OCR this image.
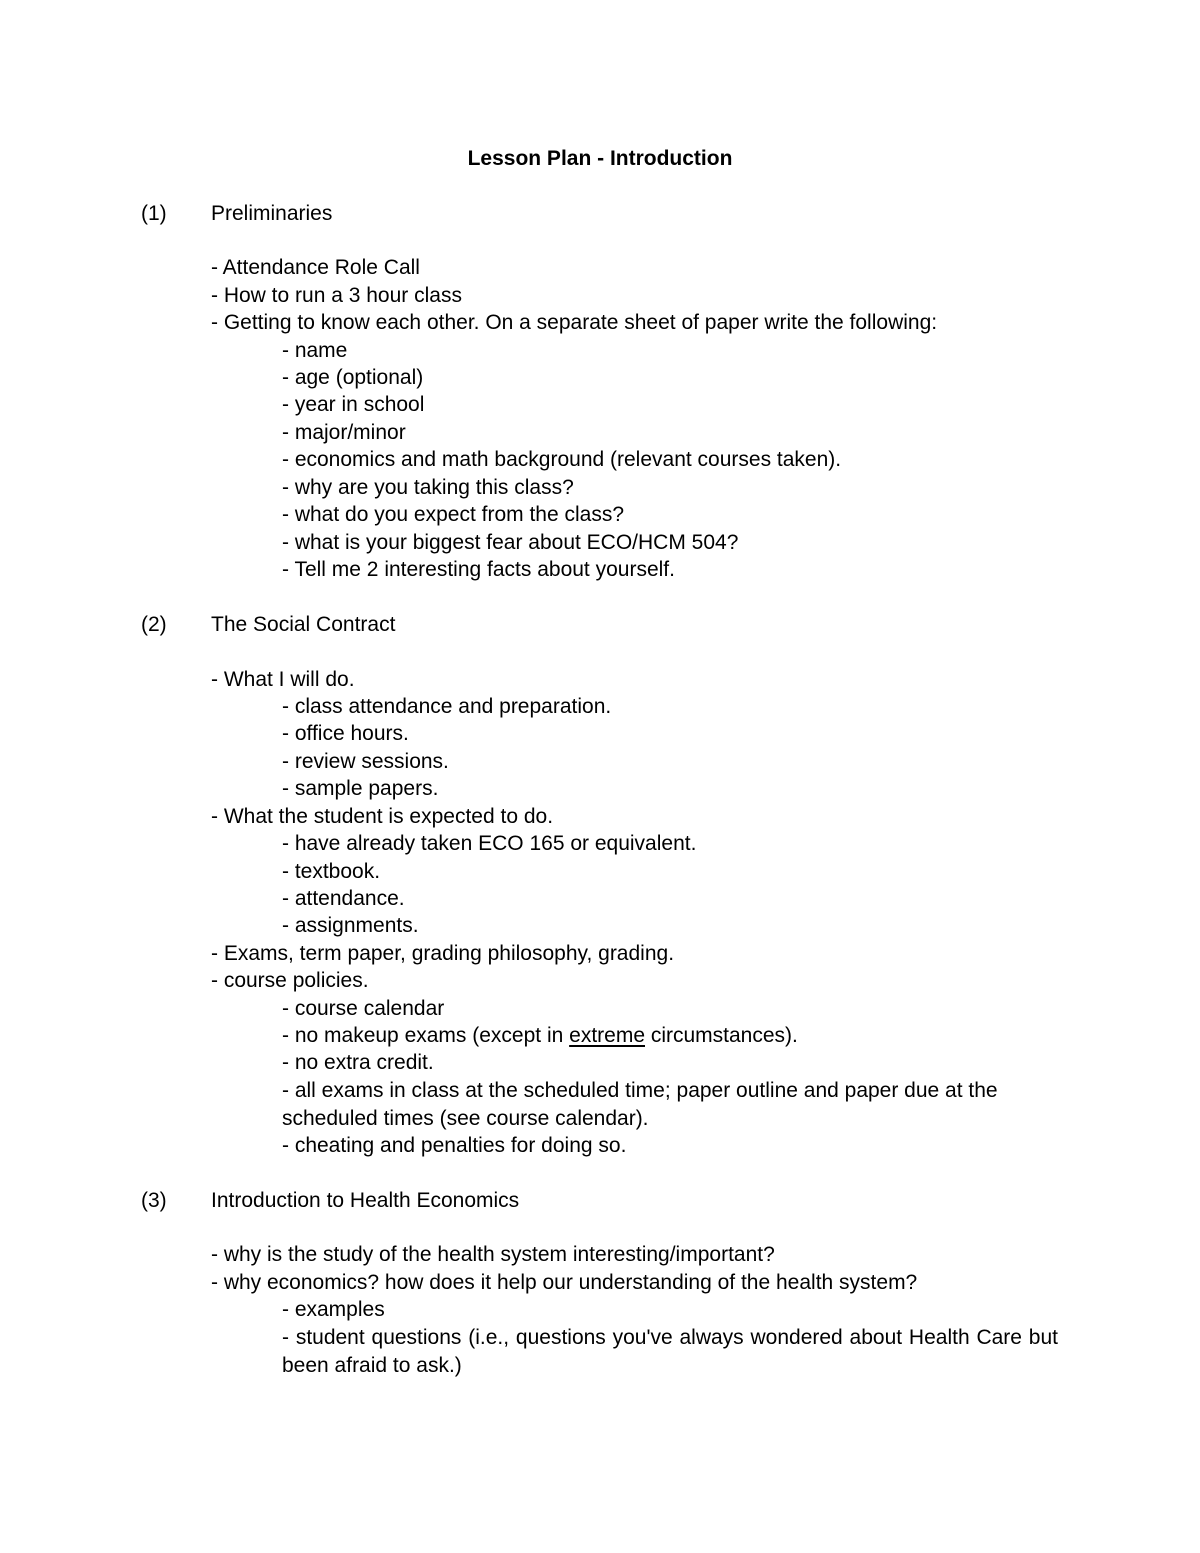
Lesson Plan - Introduction
(1) Preliminaries
- Attendance Role Call
- How to run a 3 hour class
- Getting to know each other. On a separate sheet of paper write the following:
- name
- age (optional)
- year in school
- major/minor
- economics and math background (relevant courses taken).
- why are you taking this class?
- what do you expect from the class?
- what is your biggest fear about ECO/HCM 504?
- Tell me 2 interesting facts about yourself.
(2) The Social Contract
- What I will do.
- class attendance and preparation.
- office hours.
- review sessions.
- sample papers.
- What the student is expected to do.
- have already taken ECO 165 or equivalent.
- textbook.
- attendance.
- assignments.
- Exams, term paper, grading philosophy, grading.
- course policies.
- course calendar
- no makeup exams (except in extreme circumstances).
- no extra credit.
- all exams in class at the scheduled time; paper outline and paper due at the scheduled times (see course calendar).
- cheating and penalties for doing so.
(3) Introduction to Health Economics
- why is the study of the health system interesting/important?
- why economics? how does it help our understanding of the health system?
- examples
- student questions (i.e., questions you've always wondered about Health Care but been afraid to ask.)
